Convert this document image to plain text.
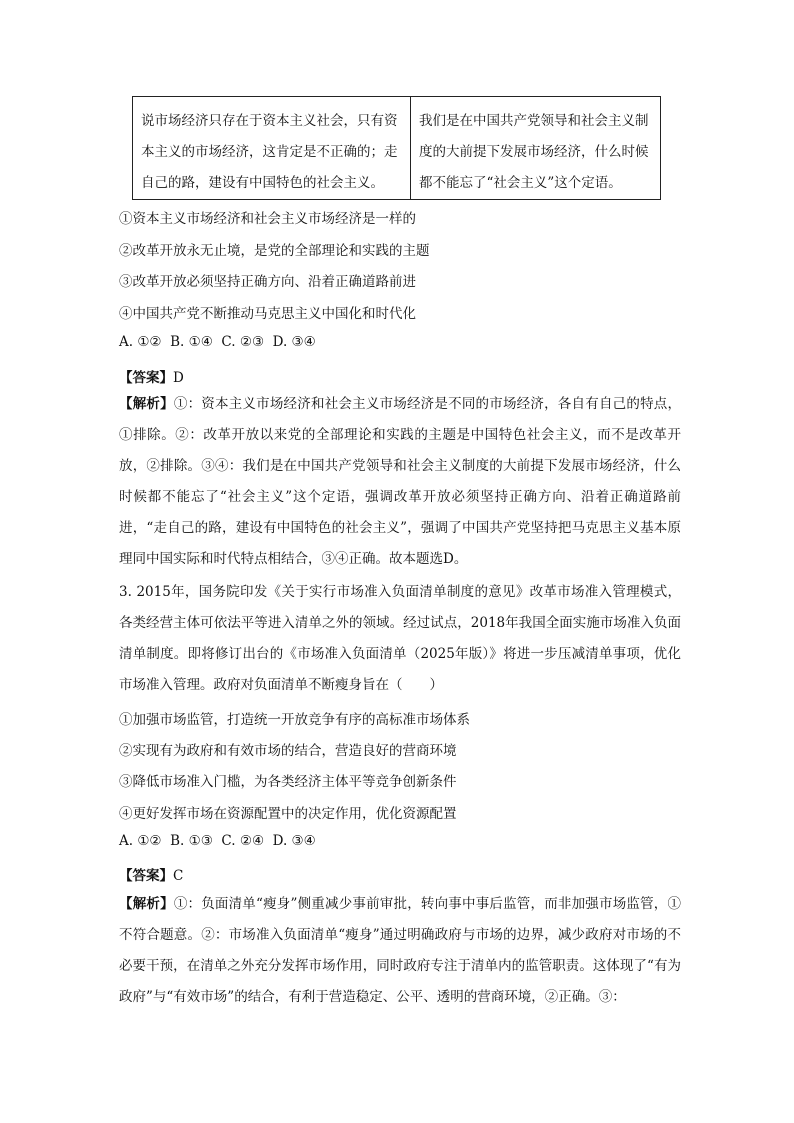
说市场经济只存在于资本主义社会，只有资本主义的市场经济，这肯定是不正确的；走自己的路，建设有中国特色的社会主义。
我们是在中国共产党领导和社会主义制度的大前提下发展市场经济，什么时候都不能忘了“社会主义”这个定语。
①资本主义市场经济和社会主义市场经济是一样的
②改革开放永无止境，是党的全部理论和实践的主题
③改革开放必须坚持正确方向、沿着正确道路前进
④中国共产党不断推动马克思主义中国化和时代化
A. ①②  B. ①④  C. ②③  D. ③④
【答案】D
【解析】①：资本主义市场经济和社会主义市场经济是不同的市场经济，各自有自己的特点，①排除。②：改革开放以来党的全部理论和实践的主题是中国特色社会主义，而不是改革开放，②排除。③④：我们是在中国共产党领导和社会主义制度的大前提下发展市场经济，什么时候都不能忘了“社会主义”这个定语，强调改革开放必须坚持正确方向、沿着正确道路前进，“走自己的路，建设有中国特色的社会主义”，强调了中国共产党坚持把马克思主义基本原理同中国实际和时代特点相结合，③④正确。故本题选D。
3. 2015年，国务院印发《关于实行市场准入负面清单制度的意见》改革市场准入管理模式，各类经营主体可依法平等进入清单之外的领域。经过试点，2018年我国全面实施市场准入负面清单制度。即将修订出台的《市场准入负面清单（2025年版）》将进一步压减清单事项，优化市场准入管理。政府对负面清单不断瘦身旨在（　　）
①加强市场监管，打造统一开放竞争有序的高标准市场体系
②实现有为政府和有效市场的结合，营造良好的营商环境
③降低市场准入门槛，为各类经济主体平等竞争创新条件
④更好发挥市场在资源配置中的决定作用，优化资源配置
A. ①②  B. ①③  C. ②④  D. ③④
【答案】C
【解析】①：负面清单“瘦身”侧重减少事前审批，转向事中事后监管，而非加强市场监管，①不符合题意。②：市场准入负面清单“瘦身”通过明确政府与市场的边界，减少政府对市场的不必要干预，在清单之外充分发挥市场作用，同时政府专注于清单内的监管职责。这体现了“有为政府”与“有效市场”的结合，有利于营造稳定、公平、透明的营商环境，②正确。③：
